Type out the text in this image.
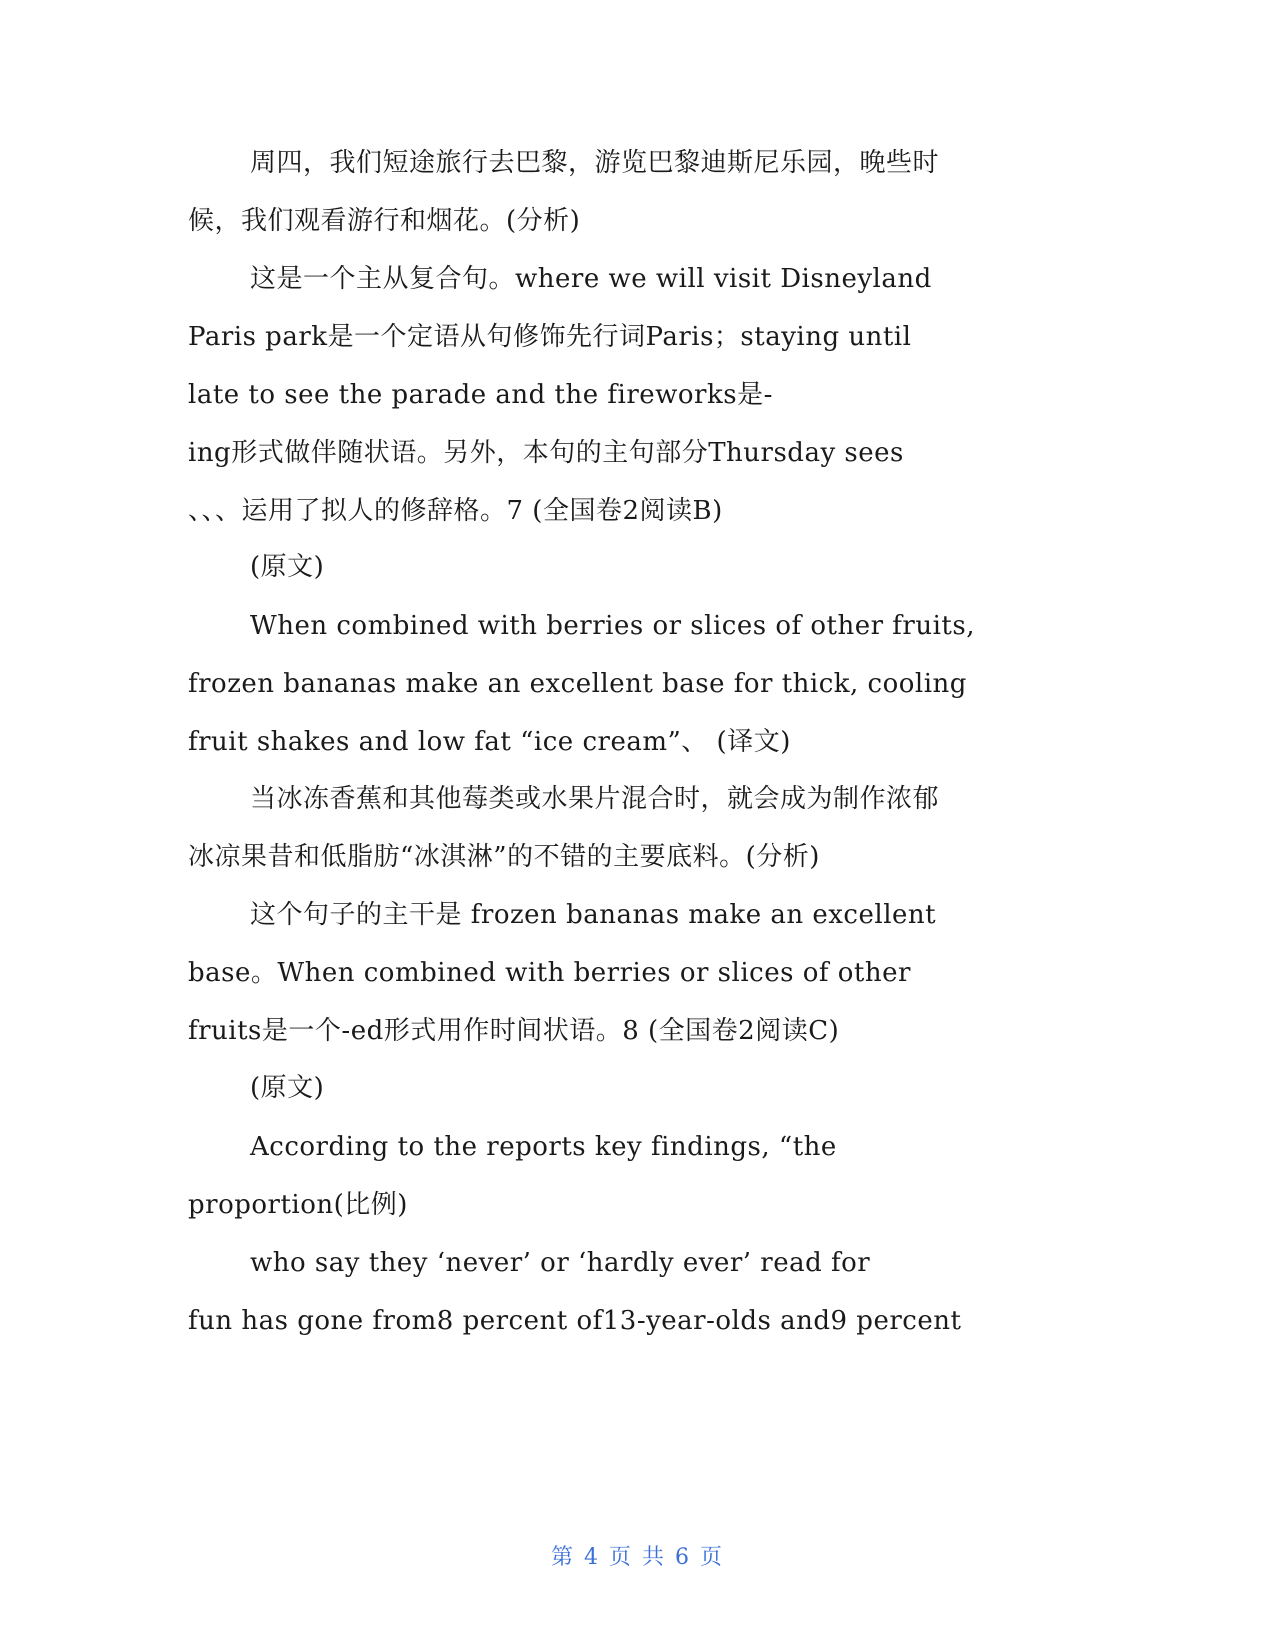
周四，我们短途旅行去巴黎，游览巴黎迪斯尼乐园，晚些时

候，我们观看游行和烟花。(分析)

这是一个主从复合句。where we will visit Disneyland

Paris park是一个定语从句修饰先行词Paris；staying until

late to see the parade and the fireworks是-

ing形式做伴随状语。另外，本句的主句部分Thursday sees

、、、运用了拟人的修辞格。7 (全国卷2阅读B)

(原文)

When combined with berries or slices of other fruits,

frozen bananas make an excellent base for thick, cooling

fruit shakes and low fat “ice cream”、 (译文)

当冰冻香蕉和其他莓类或水果片混合时，就会成为制作浓郁

冰凉果昔和低脂肪“冰淇淋”的不错的主要底料。(分析)

这个句子的主干是 frozen bananas make an excellent

base。When combined with berries or slices of other

fruits是一个-ed形式用作时间状语。8 (全国卷2阅读C)

(原文)

According to the reports key findings, “the

proportion(比例)

who say they ‘never’ or ‘hardly ever’ read for

fun has gone from8 percent of13-year-olds and9 percent

第 4 页 共 6 页
